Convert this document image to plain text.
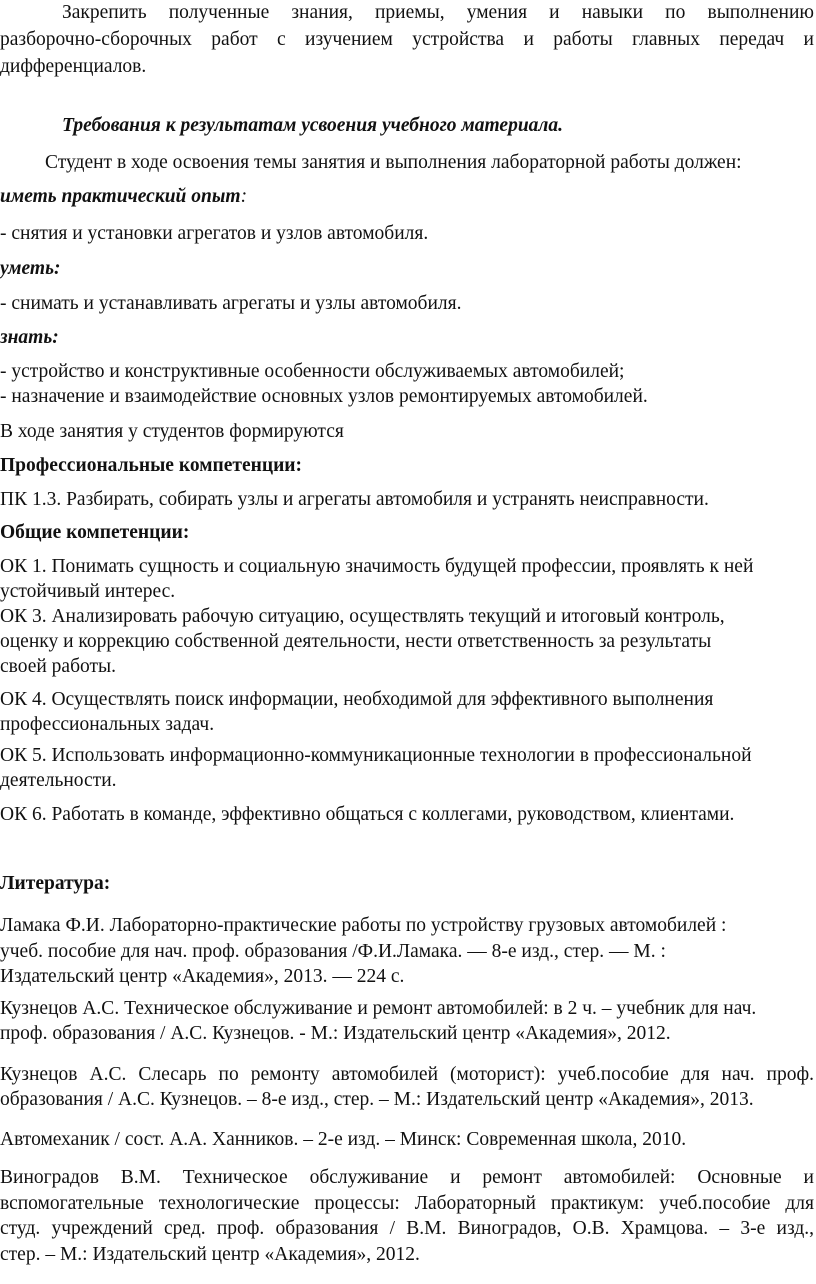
Закрепить полученные знания, приемы, умения и навыки по выполнению
разборочно-сборочных работ с изучением устройства и работы главных передач и
дифференциалов.
Требования к результатам усвоения учебного материала.
Студент в ходе освоения темы занятия и выполнения лабораторной работы должен:
иметь практический опыт:
- снятия и установки агрегатов и узлов автомобиля.
уметь:
- снимать и устанавливать агрегаты и узлы автомобиля.
знать:
- устройство и конструктивные особенности обслуживаемых автомобилей;
- назначение и взаимодействие основных узлов ремонтируемых автомобилей.
В ходе занятия у студентов формируются
Профессиональные компетенции:
ПК 1.3. Разбирать, собирать узлы и агрегаты автомобиля и устранять неисправности.
Общие компетенции:
ОК 1. Понимать сущность и социальную значимость будущей профессии, проявлять к ней
устойчивый интерес.
ОК 3. Анализировать рабочую ситуацию, осуществлять текущий и итоговый контроль,
оценку и коррекцию собственной деятельности, нести ответственность за результаты
своей работы.
ОК 4. Осуществлять поиск информации, необходимой для эффективного выполнения
профессиональных задач.
ОК 5. Использовать информационно-коммуникационные технологии в профессиональной
деятельности.
ОК 6. Работать в команде, эффективно общаться с коллегами, руководством, клиентами.
Литература:
Ламака Ф.И. Лабораторно-практические работы по устройству грузовых автомобилей :
учеб. пособие для нач. проф. образования /Ф.И.Ламака. — 8-е изд., стер. — М. :
Издательский центр «Академия», 2013. — 224 с.
Кузнецов А.С. Техническое обслуживание и ремонт автомобилей: в 2 ч. – учебник для нач.
проф. образования / А.С. Кузнецов. - М.: Издательский центр «Академия», 2012.
Кузнецов А.С. Слесарь по ремонту автомобилей (моторист): учеб.пособие для нач. проф.
образования / А.С. Кузнецов. – 8-е изд., стер. – М.: Издательский центр «Академия», 2013.
Автомеханик / сост. А.А. Ханников. – 2-е изд. – Минск: Современная школа, 2010.
Виноградов В.М. Техническое обслуживание и ремонт автомобилей: Основные и
вспомогательные технологические процессы: Лабораторный практикум: учеб.пособие для
студ. учреждений сред. проф. образования / В.М. Виноградов, О.В. Храмцова. – 3-е изд.,
стер. – М.: Издательский центр «Академия», 2012.
